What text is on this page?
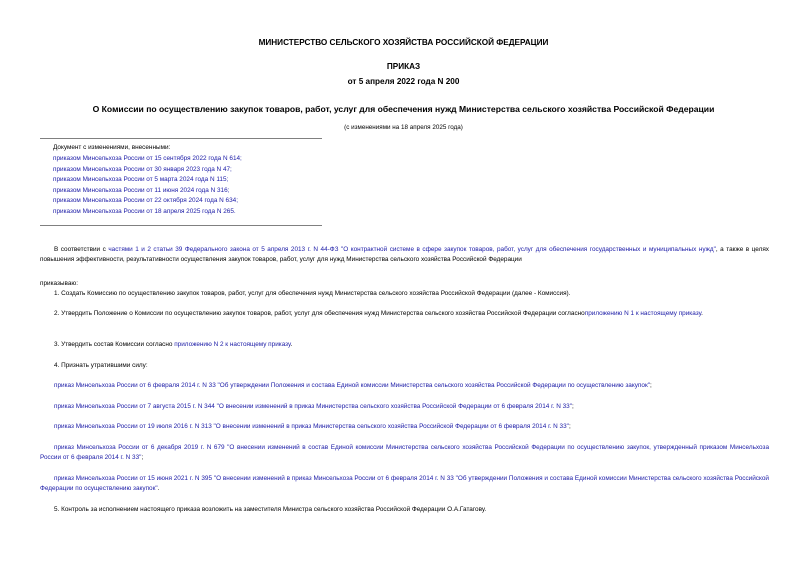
МИНИСТЕРСТВО СЕЛЬСКОГО ХОЗЯЙСТВА РОССИЙСКОЙ ФЕДЕРАЦИИ
ПРИКАЗ
от 5 апреля 2022 года N 200
О Комиссии по осуществлению закупок товаров, работ, услуг для обеспечения нужд Министерства сельского хозяйства Российской Федерации
(с изменениями на 18 апреля 2025 года)
Документ с изменениями, внесенными:
приказом Минсельхоза России от 15 сентября 2022 года N 614;
приказом Минсельхоза России от 30 января 2023 года N 47;
приказом Минсельхоза России от 5 марта 2024 года N 115;
приказом Минсельхоза России от 11 июня 2024 года N 316;
приказом Минсельхоза России от 22 октября 2024 года N 634;
приказом Минсельхоза России от 18 апреля 2025 года N 265.
В соответствии с частями 1 и 2 статьи 39 Федерального закона от 5 апреля 2013 г. N 44-ФЗ "О контрактной системе в сфере закупок товаров, работ, услуг для обеспечения государственных и муниципальных нужд", а также в целях повышения эффективности, результативности осуществления закупок товаров, работ, услуг для нужд Министерства сельского хозяйства Российской Федерации
приказываю:
1. Создать Комиссию по осуществлению закупок товаров, работ, услуг для обеспечения нужд Министерства сельского хозяйства Российской Федерации (далее - Комиссия).
2. Утвердить Положение о Комиссии по осуществлению закупок товаров, работ, услуг для обеспечения нужд Министерства сельского хозяйства Российской Федерации согласноприложению N 1 к настоящему приказу.
3. Утвердить состав Комиссии согласно приложению N 2 к настоящему приказу.
4. Признать утратившими силу:
приказ Минсельхоза России от 6 февраля 2014 г. N 33 "Об утверждении Положения и состава Единой комиссии Министерства сельского хозяйства Российской Федерации по осуществлению закупок";
приказ Минсельхоза России от 7 августа 2015 г. N 344 "О внесении изменений в приказ Министерства сельского хозяйства Российской Федерации от 6 февраля 2014 г. N 33";
приказ Минсельхоза России от 19 июля 2016 г. N 313 "О внесении изменений в приказ Министерства сельского хозяйства Российской Федерации от 6 февраля 2014 г. N 33";
приказ Минсельхоза России от 6 декабря 2019 г. N 679 "О внесении изменений в состав Единой комиссии Министерства сельского хозяйства Российской Федерации по осуществлению закупок, утвержденный приказом Минсельхоза России от 6 февраля 2014 г. N 33";
приказ Минсельхоза России от 15 июня 2021 г. N 395 "О внесении изменений в приказ Минсельхоза России от 6 февраля 2014 г. N 33 "Об утверждении Положения и состава Единой комиссии Министерства сельского хозяйства Российской Федерации по осуществлению закупок".
5. Контроль за исполнением настоящего приказа возложить на заместителя Министра сельского хозяйства Российской Федерации О.А.Гатагову.
